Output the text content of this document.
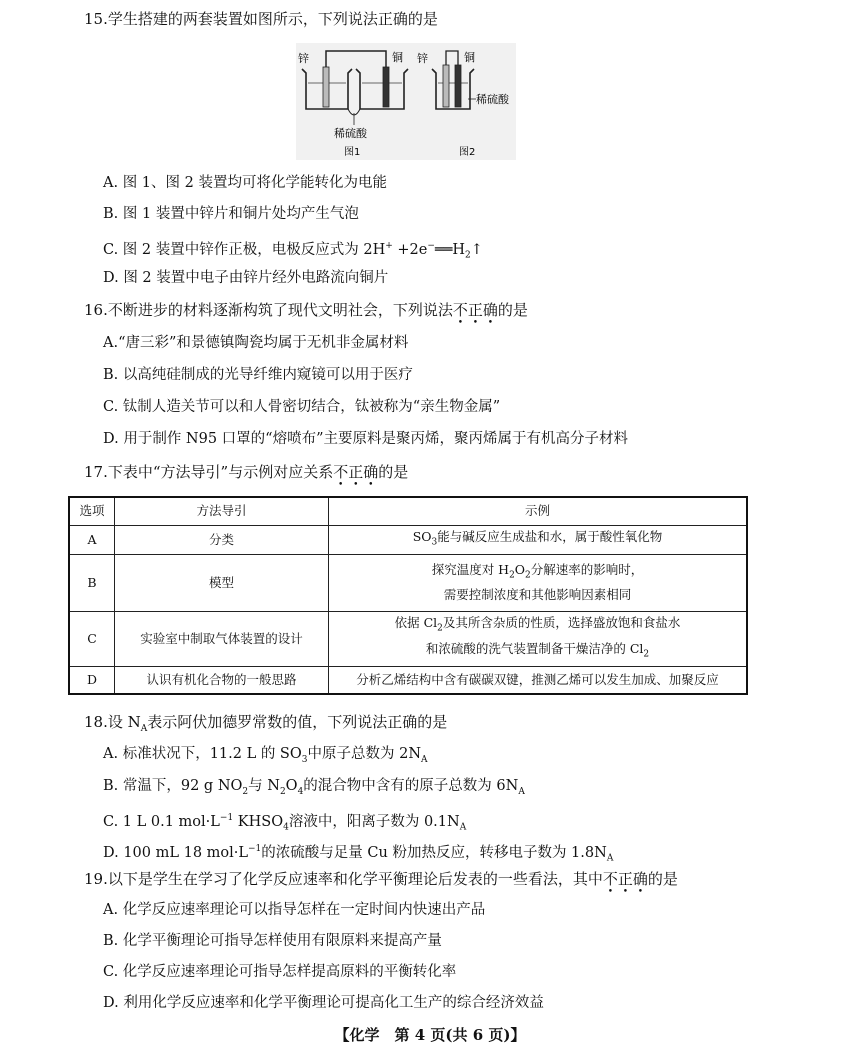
15.学生搭建的两套装置如图所示，下列说法正确的是
锌	铜
稀硫酸
图1
锌	铜
稀硫酸
图2
A. 图 1、图 2 装置均可将化学能转化为电能
B. 图 1 装置中锌片和铜片处均产生气泡
C. 图 2 装置中锌作正极，电极反应式为 $2H^+ +2e^-══H_2↑$
D. 图 2 装置中电子由锌片经外电路流向铜片
16.不断进步的材料逐渐构筑了现代文明社会，下列说法不正确的是
A.“唐三彩”和景德镇陶瓷均属于无机非金属材料
B. 以高纯硅制成的光导纤维内窥镜可以用于医疗
C. 钛制人造关节可以和人骨密切结合，钛被称为“亲生物金属”
D. 用于制作 N95 口罩的“熔喷布”主要原料是聚丙烯，聚丙烯属于有机高分子材料
17.下表中“方法导引”与示例对应关系不正确的是
选项	方法导引	示例
A	分类	$SO_3$能与碱反应生成盐和水，属于酸性氧化物
B	模型	探究温度对 $H_2O_2$分解速率的影响时，
需要控制浓度和其他影响因素相同
C	实验室中制取气体装置的设计	依据 $Cl_2$及其所含杂质的性质，选择盛放饱和食盐水
和浓硫酸的洗气装置制备干燥洁净的 $Cl_2$
D	认识有机化合物的一般思路	分析乙烯结构中含有碳碳双键，推测乙烯可以发生加成、加聚反应
18.设 $N_A$表示阿伏加德罗常数的值，下列说法正确的是
A. 标准状况下，11.2 L 的 $SO_3$中原子总数为 $2N_A$
B. 常温下，92 g $NO_2$与 $N_2O_4$的混合物中含有的原子总数为 $6N_A$
C. 1 L 0.1 $mol\cdot L^{-1}$ $KHSO_4$溶液中，阳离子数为 $0.1N_A$
D. 100 mL 18 $mol\cdot L^{-1}$的浓硫酸与足量 Cu 粉加热反应，转移电子数为 $1.8N_A$
19.以下是学生在学习了化学反应速率和化学平衡理论后发表的一些看法，其中不正确的是
A. 化学反应速率理论可以指导怎样在一定时间内快速出产品
B. 化学平衡理论可指导怎样使用有限原料来提高产量
C. 化学反应速率理论可指导怎样提高原料的平衡转化率
D. 利用化学反应速率和化学平衡理论可提高化工生产的综合经济效益
【化学　第 4 页(共 6 页)】
